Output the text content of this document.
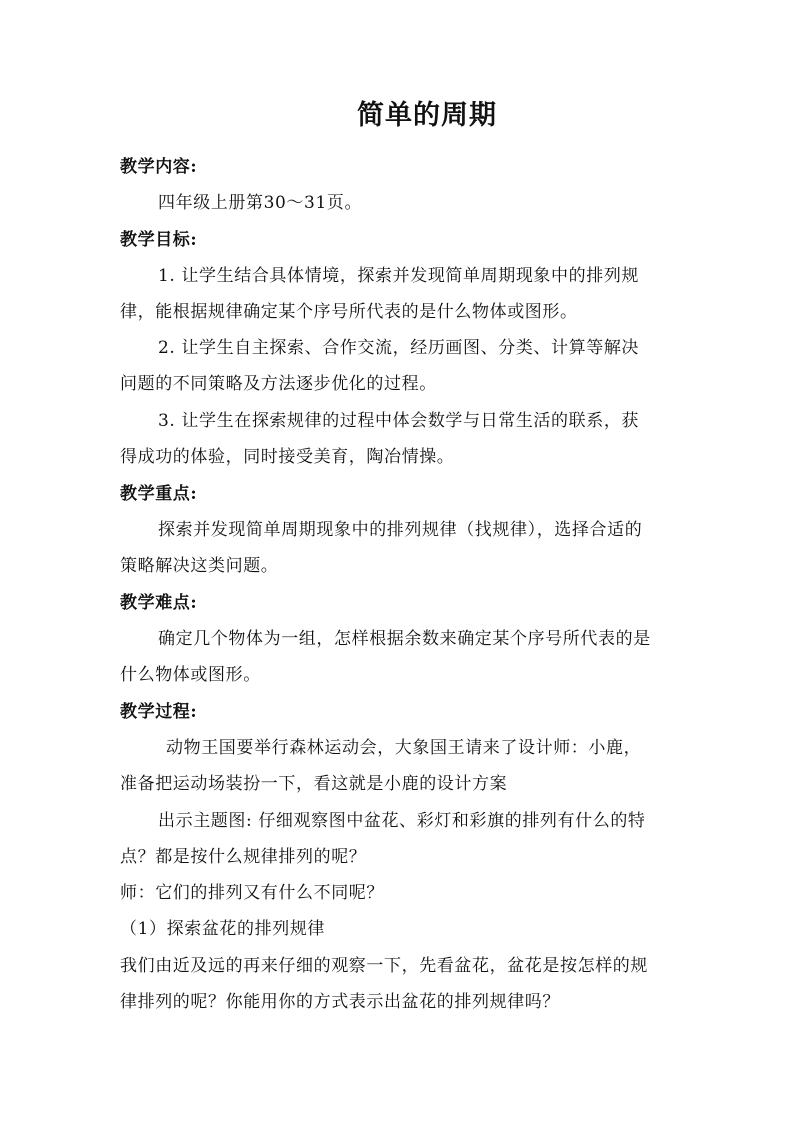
简单的周期
教学内容:
四年级上册第30～31页。
教学目标:
1. 让学生结合具体情境，探索并发现简单周期现象中的排列规
律，能根据规律确定某个序号所代表的是什么物体或图形。
2. 让学生自主探索、合作交流，经历画图、分类、计算等解决
问题的不同策略及方法逐步优化的过程。
3. 让学生在探索规律的过程中体会数学与日常生活的联系，获
得成功的体验，同时接受美育，陶冶情操。
教学重点:
探索并发现简单周期现象中的排列规律（找规律），选择合适的
策略解决这类问题。
教学难点:
确定几个物体为一组，怎样根据余数来确定某个序号所代表的是
什么物体或图形。
教学过程:
动物王国要举行森林运动会，大象国王请来了设计师：小鹿，
准备把运动场装扮一下，看这就是小鹿的设计方案
出示主题图: 仔细观察图中盆花、彩灯和彩旗的排列有什么的特
点？都是按什么规律排列的呢？
师：它们的排列又有什么不同呢？
（1）探索盆花的排列规律
我们由近及远的再来仔细的观察一下，先看盆花，盆花是按怎样的规
律排列的呢？你能用你的方式表示出盆花的排列规律吗？
